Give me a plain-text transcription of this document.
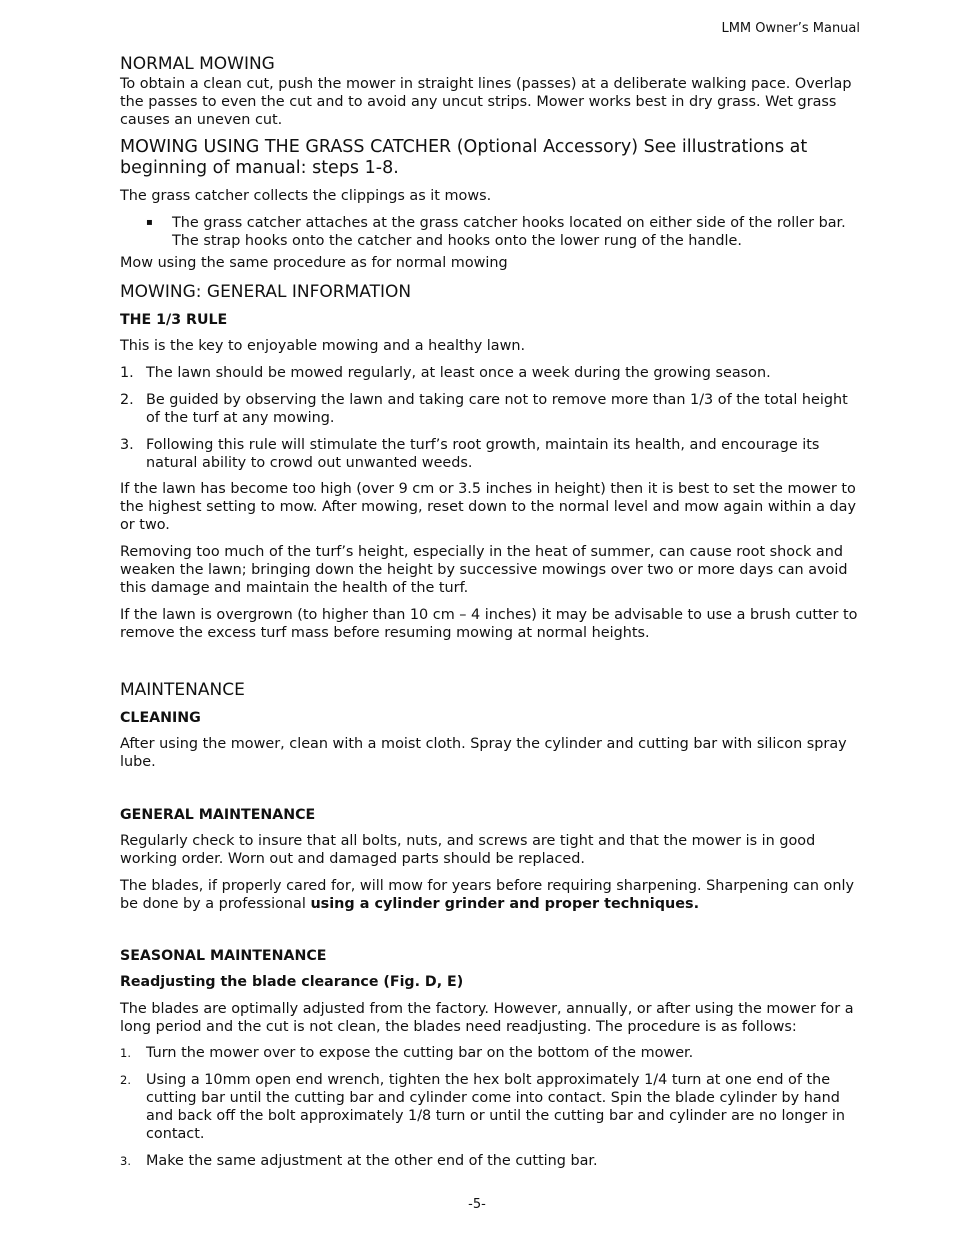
LMM Owner’s Manual
NORMAL MOWING

To obtain a clean cut, push the mower in straight lines (passes) at a deliberate walking pace. Overlap the passes to even the cut and to avoid any uncut strips. Mower works best in dry grass. Wet grass causes an uneven cut.

MOWING USING THE GRASS CATCHER (Optional Accessory) See illustrations at beginning of manual: steps 1-8.

The grass catcher collects the clippings as it mows.

▪ The grass catcher attaches at the grass catcher hooks located on either side of the roller bar. The strap hooks onto the catcher and hooks onto the lower rung of the handle.

Mow using the same procedure as for normal mowing

MOWING: GENERAL INFORMATION
THE 1/3 RULE

This is the key to enjoyable mowing and a healthy lawn.

1. The lawn should be mowed regularly, at least once a week during the growing season.
2. Be guided by observing the lawn and taking care not to remove more than 1/3 of the total height of the turf at any mowing.
3. Following this rule will stimulate the turf’s root growth, maintain its health, and encourage its natural ability to crowd out unwanted weeds.

If the lawn has become too high (over 9 cm or 3.5 inches in height) then it is best to set the mower to the highest setting to mow. After mowing, reset down to the normal level and mow again within a day or two.

Removing too much of the turf’s height, especially in the heat of summer, can cause root shock and weaken the lawn; bringing down the height by successive mowings over two or more days can avoid this damage and maintain the health of the turf.

If the lawn is overgrown (to higher than 10 cm – 4 inches) it may be advisable to use a brush cutter to remove the excess turf mass before resuming mowing at normal heights.

MAINTENANCE
CLEANING

After using the mower, clean with a moist cloth. Spray the cylinder and cutting bar with silicon spray lube.

GENERAL MAINTENANCE

Regularly check to insure that all bolts, nuts, and screws are tight and that the mower is in good working order. Worn out and damaged parts should be replaced.

The blades, if properly cared for, will mow for years before requiring sharpening. Sharpening can only be done by a professional using a cylinder grinder and proper techniques.

SEASONAL MAINTENANCE
Readjusting the blade clearance (Fig. D, E)

The blades are optimally adjusted from the factory. However, annually, or after using the mower for a long period and the cut is not clean, the blades need readjusting. The procedure is as follows:

1. Turn the mower over to expose the cutting bar on the bottom of the mower.
2. Using a 10mm open end wrench, tighten the hex bolt approximately 1/4 turn at one end of the cutting bar until the cutting bar and cylinder come into contact. Spin the blade cylinder by hand and back off the bolt approximately 1/8 turn or until the cutting bar and cylinder are no longer in contact.
3. Make the same adjustment at the other end of the cutting bar.
-5-
